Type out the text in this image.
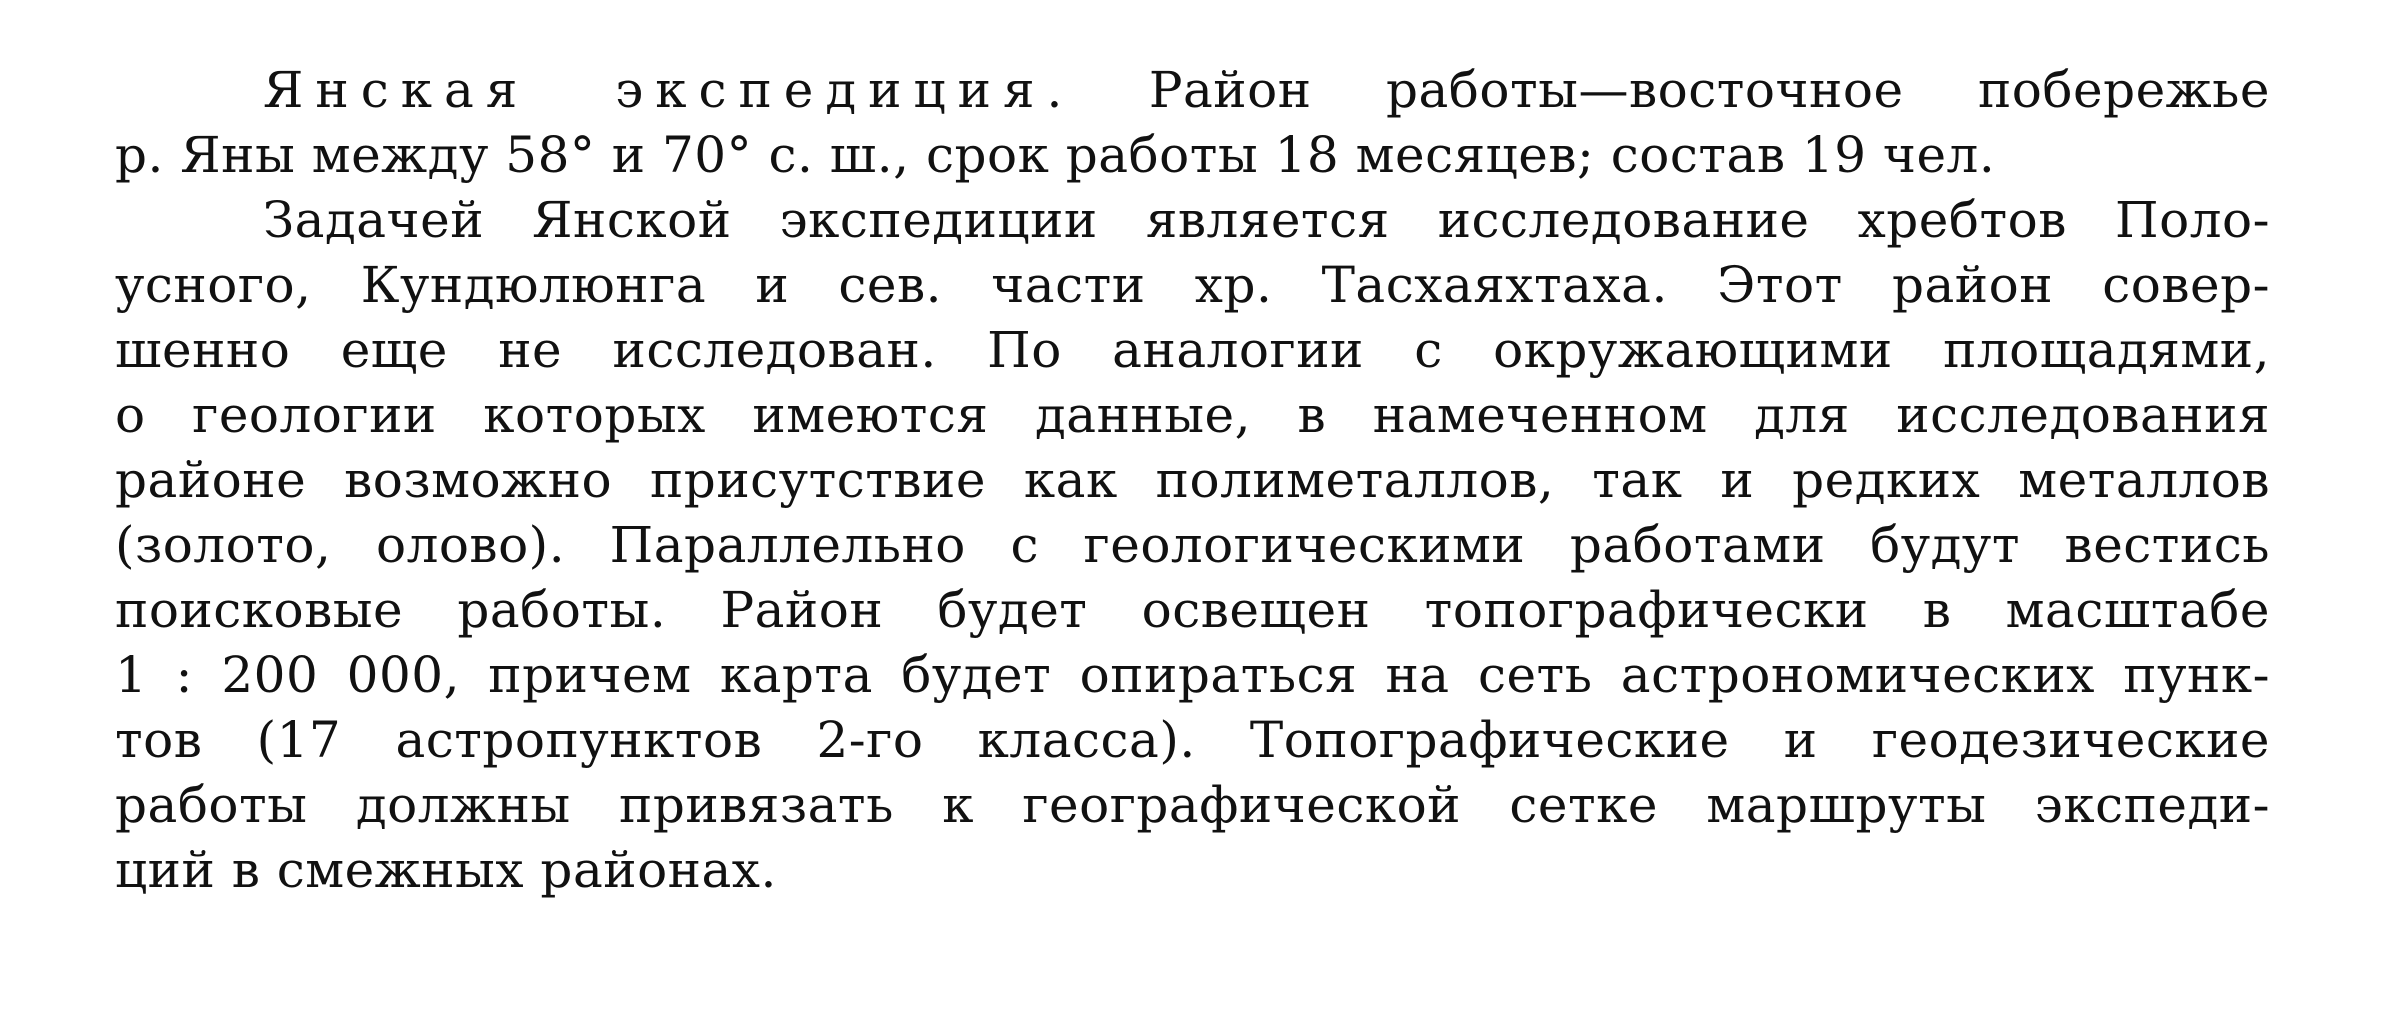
Янская экспедиция. Район работы—восточное побережье
р. Яны между 58° и 70° с. ш., срок работы 18 месяцев; состав 19 чел.
Задачей Янской экспедиции является исследование хребтов Поло-
усного, Кундюлюнга и сев. части хр. Тасхаяхтаха. Этот район совер-
шенно еще не исследован. По аналогии с окружающими площадями,
о геологии которых имеются данные, в намеченном для исследования
районе возможно присутствие как полиметаллов, так и редких металлов
(золото, олово). Параллельно с геологическими работами будут вестись
поисковые работы. Район будет освещен топографически в масштабе
1 : 200 000, причем карта будет опираться на сеть астрономических пунк-
тов (17 астропунктов 2-го класса). Топографические и геодезические
работы должны привязать к географической сетке маршруты экспеди-
ций в смежных районах.
